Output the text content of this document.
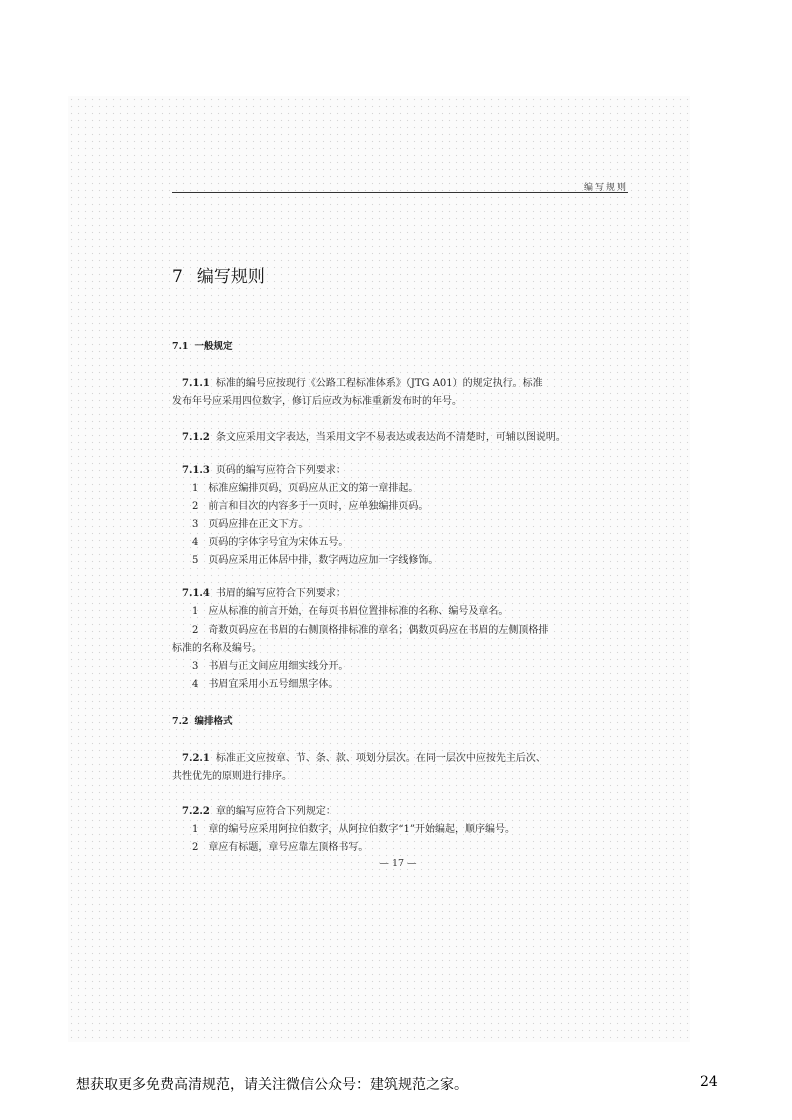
编写规则
7 编写规则
7.1 一般规定
7.1.1 标准的编号应按现行《公路工程标准体系》（JTG A01）的规定执行。标准
发布年号应采用四位数字，修订后应改为标准重新发布时的年号。
7.1.2 条文应采用文字表达，当采用文字不易表达或表达尚不清楚时，可辅以图说明。
7.1.3 页码的编写应符合下列要求：
1 标准应编排页码，页码应从正文的第一章排起。
2 前言和目次的内容多于一页时，应单独编排页码。
3 页码应排在正文下方。
4 页码的字体字号宜为宋体五号。
5 页码应采用正体居中排，数字两边应加一字线修饰。
7.1.4 书眉的编写应符合下列要求：
1 应从标准的前言开始，在每页书眉位置排标准的名称、编号及章名。
2 奇数页码应在书眉的右侧顶格排标准的章名；偶数页码应在书眉的左侧顶格排
标准的名称及编号。
3 书眉与正文间应用细实线分开。
4 书眉宜采用小五号细黑字体。
7.2 编排格式
7.2.1 标准正文应按章、节、条、款、项划分层次。在同一层次中应按先主后次、
共性优先的原则进行排序。
7.2.2 章的编写应符合下列规定：
1 章的编号应采用阿拉伯数字，从阿拉伯数字“1”开始编起，顺序编号。
2 章应有标题，章号应靠左顶格书写。
— 17 —
想获取更多免费高清规范，请关注微信公众号：建筑规范之家。	24
